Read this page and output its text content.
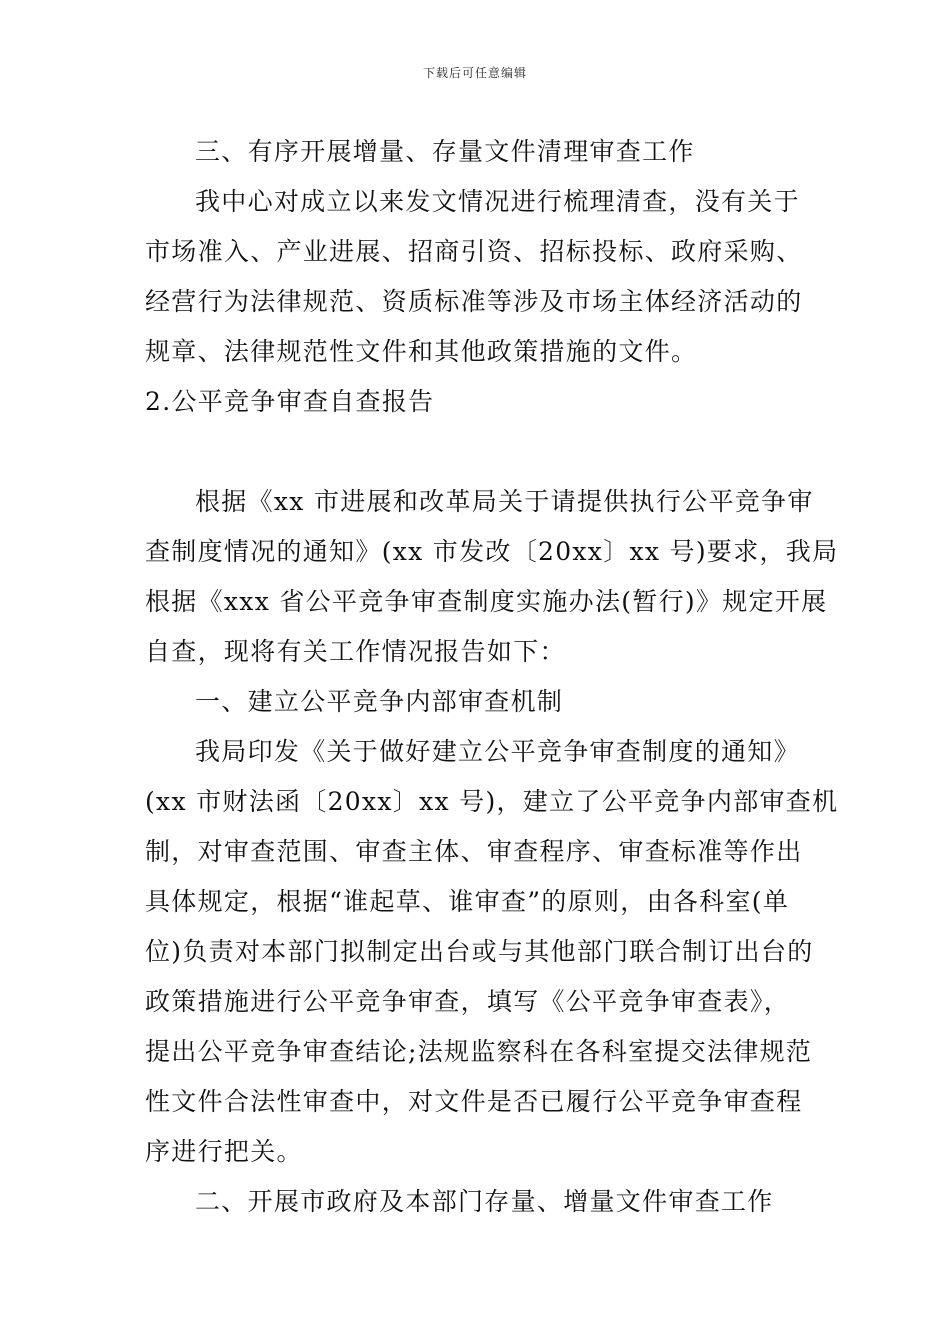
下载后可任意编辑
三、有序开展增量、存量文件清理审查工作
我中心对成立以来发文情况进行梳理清查，没有关于
市场准入、产业进展、招商引资、招标投标、政府采购、
经营行为法律规范、资质标准等涉及市场主体经济活动的
规章、法律规范性文件和其他政策措施的文件。
2.公平竞争审查自查报告
根据《xx 市进展和改革局关于请提供执行公平竞争审
查制度情况的通知》(xx 市发改〔20xx〕xx 号)要求，我局
根据《xxx 省公平竞争审查制度实施办法(暂行)》规定开展
自查，现将有关工作情况报告如下：
一、建立公平竞争内部审查机制
我局印发《关于做好建立公平竞争审查制度的通知》
(xx 市财法函〔20xx〕xx 号)，建立了公平竞争内部审查机
制，对审查范围、审查主体、审查程序、审查标准等作出
具体规定，根据“谁起草、谁审查”的原则，由各科室(单
位)负责对本部门拟制定出台或与其他部门联合制订出台的
政策措施进行公平竞争审查，填写《公平竞争审查表》，
提出公平竞争审查结论;法规监察科在各科室提交法律规范
性文件合法性审查中，对文件是否已履行公平竞争审查程
序进行把关。
二、开展市政府及本部门存量、增量文件审查工作
